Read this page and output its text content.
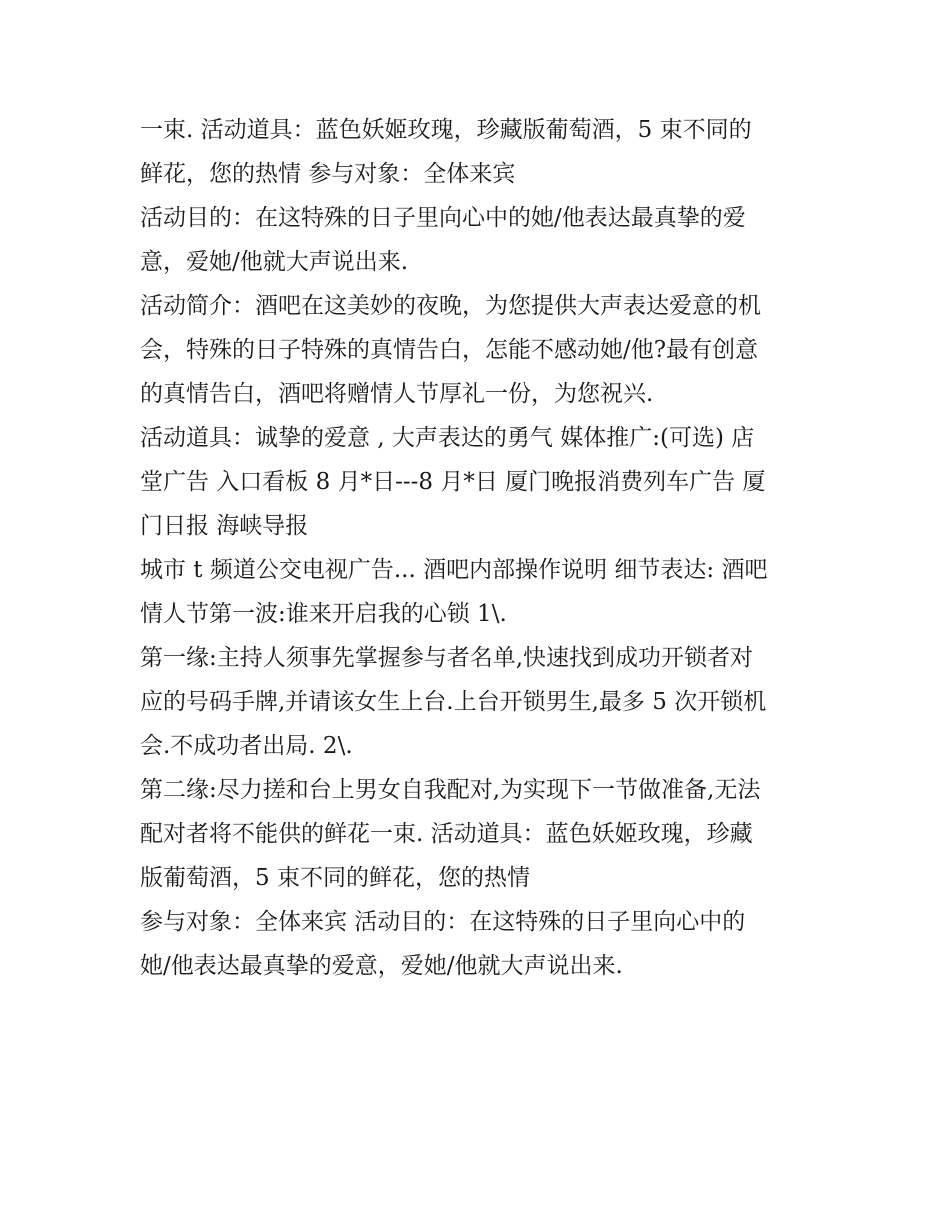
一束. 活动道具：蓝色妖姬玫瑰，珍藏版葡萄酒，5 束不同的
鲜花，您的热情 参与对象：全体来宾
活动目的：在这特殊的日子里向心中的她/他表达最真挚的爱
意，爱她/他就大声说出来.
活动简介：酒吧在这美妙的夜晚，为您提供大声表达爱意的机
会，特殊的日子特殊的真情告白，怎能不感动她/他?最有创意
的真情告白，酒吧将赠情人节厚礼一份，为您祝兴.
活动道具：诚挚的爱意 , 大声表达的勇气 媒体推广:(可选) 店
堂广告 入口看板 8 月*日---8 月*日 厦门晚报消费列车广告 厦
门日报 海峡导报
城市 t 频道公交电视广告... 酒吧内部操作说明 细节表达: 酒吧
情人节第一波:谁来开启我的心锁 1\.
第一缘:主持人须事先掌握参与者名单,快速找到成功开锁者对
应的号码手牌,并请该女生上台.上台开锁男生,最多 5 次开锁机
会.不成功者出局. 2\.
第二缘:尽力搓和台上男女自我配对,为实现下一节做准备,无法
配对者将不能供的鲜花一束. 活动道具：蓝色妖姬玫瑰，珍藏
版葡萄酒，5 束不同的鲜花，您的热情
参与对象：全体来宾 活动目的：在这特殊的日子里向心中的
她/他表达最真挚的爱意，爱她/他就大声说出来.
